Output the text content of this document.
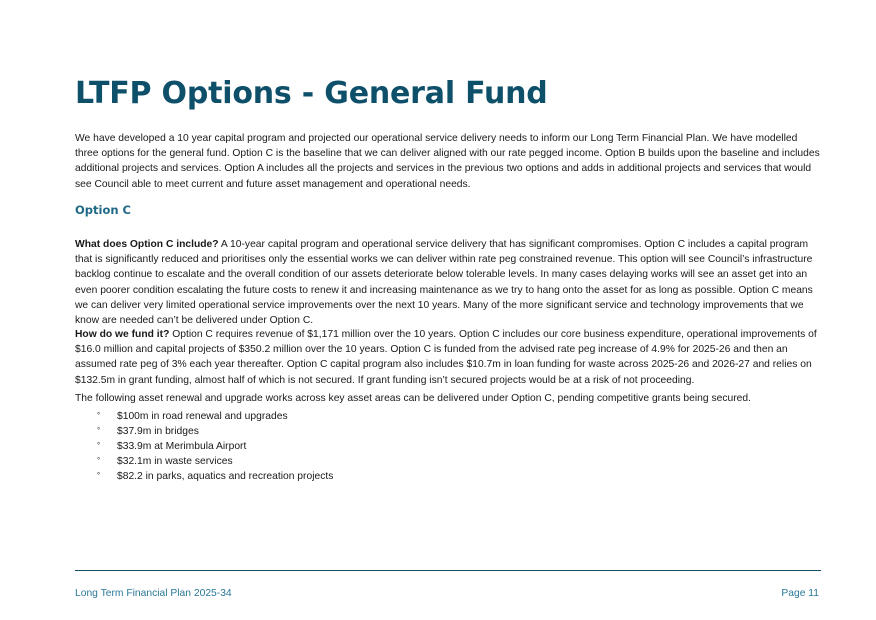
LTFP Options - General Fund

We have developed a 10 year capital program and projected our operational service delivery needs to inform our Long Term Financial Plan. We have modelled three options for the general fund. Option C is the baseline that we can deliver aligned with our rate pegged income. Option B builds upon the baseline and includes additional projects and services. Option A includes all the projects and services in the previous two options and adds in additional projects and services that would see Council able to meet current and future asset management and operational needs.

Option C

What does Option C include? A 10-year capital program and operational service delivery that has significant compromises. Option C includes a capital program that is significantly reduced and prioritises only the essential works we can deliver within rate peg constrained revenue. This option will see Council’s infrastructure backlog continue to escalate and the overall condition of our assets deteriorate below tolerable levels. In many cases delaying works will see an asset get into an even poorer condition escalating the future costs to renew it and increasing maintenance as we try to hang onto the asset for as long as possible. Option C means we can deliver very limited operational service improvements over the next 10 years. Many of the more significant service and technology improvements that we know are needed can’t be delivered under Option C.

How do we fund it? Option C requires revenue of $1,171 million over the 10 years. Option C includes our core business expenditure, operational improvements of $16.0 million and capital projects of $350.2 million over the 10 years. Option C is funded from the advised rate peg increase of 4.9% for 2025-26 and then an assumed rate peg of 3% each year thereafter. Option C capital program also includes $10.7m in loan funding for waste across 2025-26 and 2026-27 and relies on $132.5m in grant funding, almost half of which is not secured. If grant funding isn’t secured projects would be at a risk of not proceeding.

The following asset renewal and upgrade works across key asset areas can be delivered under Option C, pending competitive grants being secured.

°	$100m in road renewal and upgrades
°	$37.9m in bridges
°	$33.9m at Merimbula Airport
°	$32.1m in waste services
°	$82.2 in parks, aquatics and recreation projects
Long Term Financial Plan 2025-34	Page 11
